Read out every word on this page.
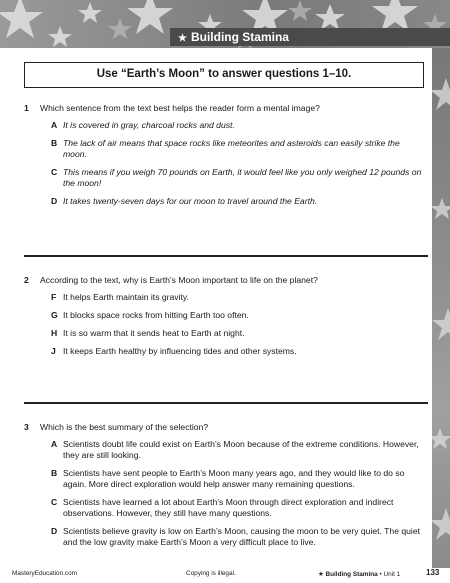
★ Building Stamina
Use “Earth’s Moon” to answer questions 1–10.
1	Which sentence from the text best helps the reader form a mental image?
A It is covered in gray, charcoal rocks and dust.
B The lack of air means that space rocks like meteorites and asteroids can easily strike the moon.
C This means if you weigh 70 pounds on Earth, it would feel like you only weighed 12 pounds on the moon!
D It takes twenty-seven days for our moon to travel around the Earth.
2	According to the text, why is Earth’s Moon important to life on the planet?
F It helps Earth maintain its gravity.
G It blocks space rocks from hitting Earth too often.
H It is so warm that it sends heat to Earth at night.
J It keeps Earth healthy by influencing tides and other systems.
3	Which is the best summary of the selection?
A Scientists doubt life could exist on Earth’s Moon because of the extreme conditions. However, they are still looking.
B Scientists have sent people to Earth’s Moon many years ago, and they would like to do so again. More direct exploration would help answer many remaining questions.
C Scientists have learned a lot about Earth’s Moon through direct exploration and indirect observations. However, they still have many questions.
D Scientists believe gravity is low on Earth’s Moon, causing the moon to be very quiet. The quiet and the low gravity make Earth’s Moon a very difficult place to live.
MasteryEducation.com	Copying is illegal.	★ Building Stamina • Unit 1	133
